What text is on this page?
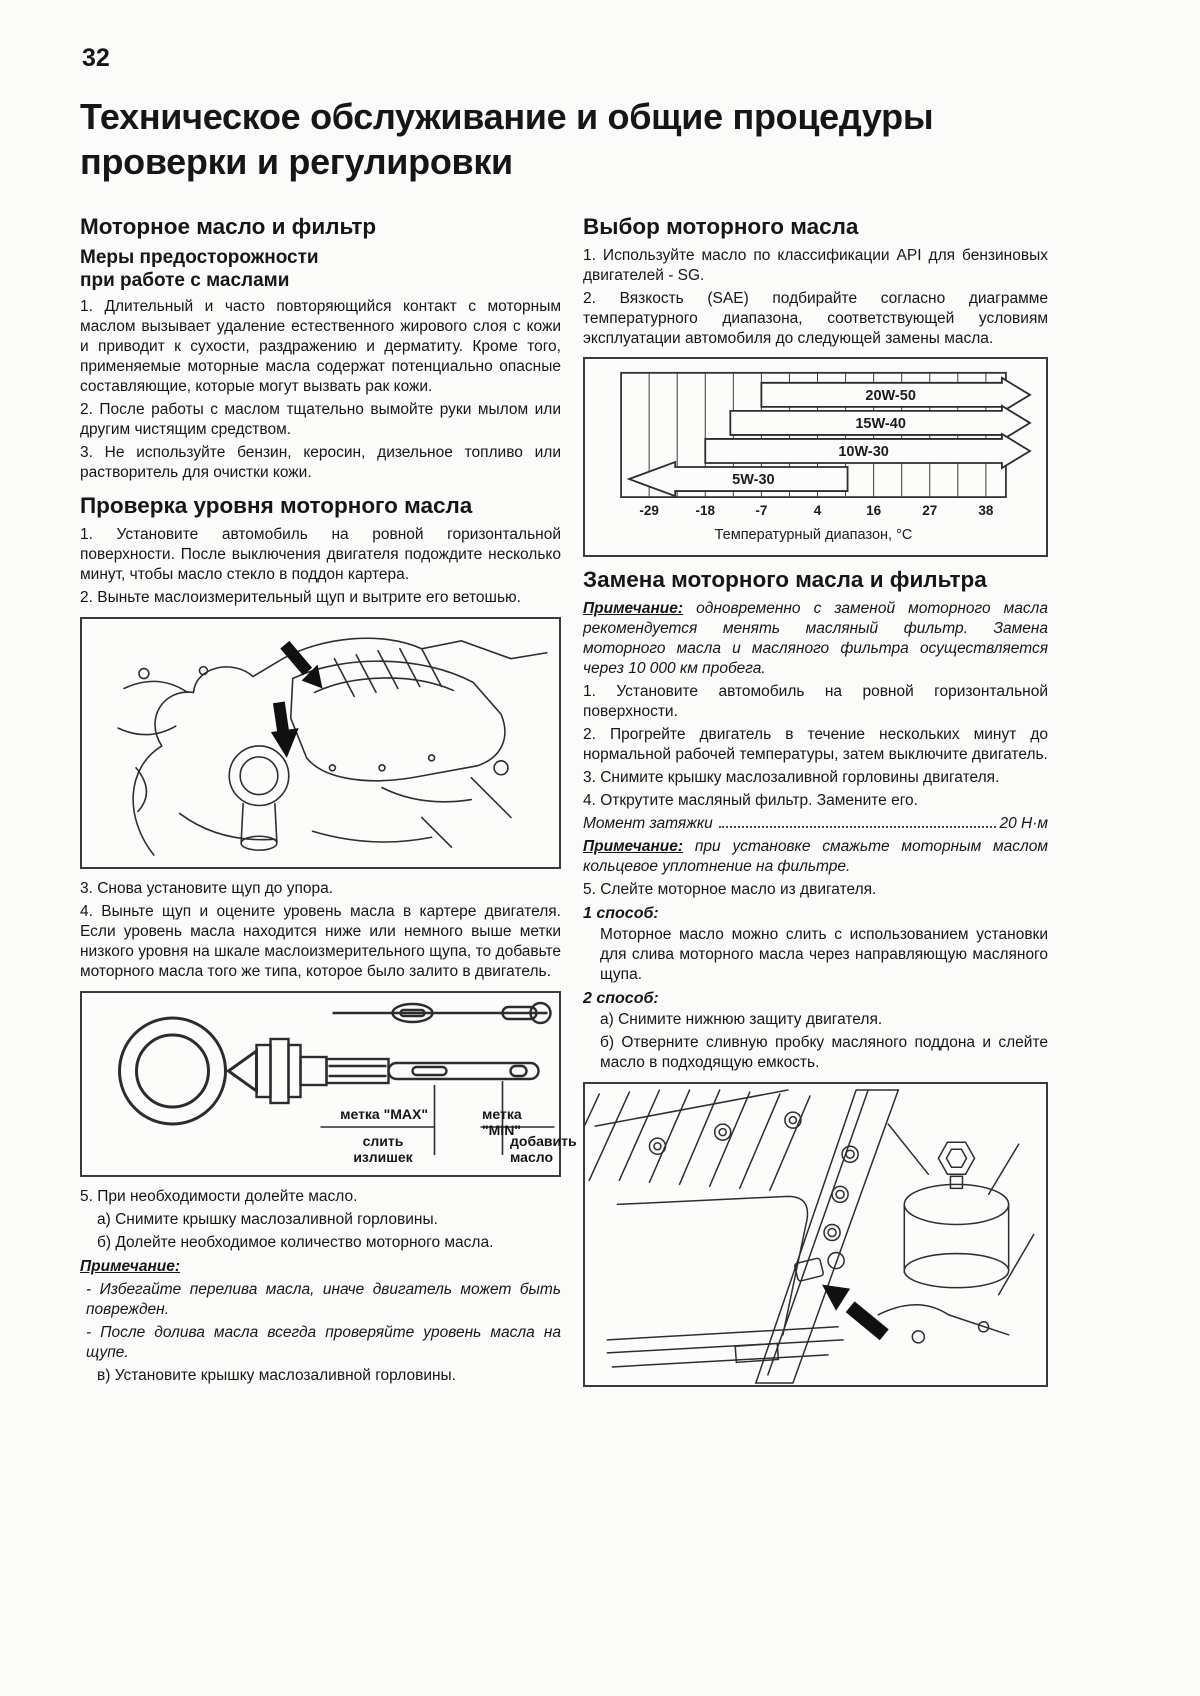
32
Техническое обслуживание и общие процедуры проверки и регулировки
Моторное масло и фильтр
Меры предосторожности
при работе с маслами
1. Длительный и часто повторяющийся контакт с моторным маслом вызывает удаление естественного жирового слоя с кожи и приводит к сухости, раздражению и дерматиту. Кроме того, применяемые моторные масла содержат потенциально опасные составляющие, которые могут вызвать рак кожи.
2. После работы с маслом тщательно вымойте руки мылом или другим чистящим средством.
3. Не используйте бензин, керосин, дизельное топливо или растворитель для очистки кожи.
Проверка уровня моторного масла
1. Установите автомобиль на ровной горизонтальной поверхности. После выключения двигателя подождите несколько минут, чтобы масло стекло в поддон картера.
2. Выньте маслоизмерительный щуп и вытрите его ветошью.
3. Снова установите щуп до упора.
4. Выньте щуп и оцените уровень масла в картере двигателя. Если уровень масла находится ниже или немного выше метки низкого уровня на шкале маслоизмерительного щупа, то добавьте моторного масла того же типа, которое было залито в двигатель.
метка "MAX"	метка "MIN"
слить излишек
добавить масло
5. При необходимости долейте масло.
а) Снимите крышку маслозаливной горловины.
б) Долейте необходимое количество моторного масла.
Примечание:
- Избегайте перелива масла, иначе двигатель может быть поврежден.
- После долива масла всегда проверяйте уровень масла на щупе.
в) Установите крышку маслозаливной горловины.
Выбор моторного масла
1. Используйте масло по классификации API для бензиновых двигателей - SG.
2. Вязкость (SAE) подбирайте согласно диаграмме температурного диапазона, соответствующей условиям эксплуатации автомобиля до следующей замены масла.
20W-50
15W-40
10W-30
5W-30
-29	-18	-7	4	16	27	38
Температурный диапазон, °С
Замена моторного масла и фильтра
Примечание: одновременно с заменой моторного масла рекомендуется менять масляный фильтр. Замена моторного масла и масляного фильтра осуществляется через 10 000 км пробега.
1. Установите автомобиль на ровной горизонтальной поверхности.
2. Прогрейте двигатель в течение нескольких минут до нормальной рабочей температуры, затем выключите двигатель.
3. Снимите крышку маслозаливной горловины двигателя.
4. Открутите масляный фильтр. Замените его.
Момент затяжки	20 Н·м
Примечание: при установке смажьте моторным маслом кольцевое уплотнение на фильтре.
5. Слейте моторное масло из двигателя.
1 способ:
Моторное масло можно слить с использованием установки для слива моторного масла через направляющую масляного щупа.
2 способ:
а) Снимите нижнюю защиту двигателя.
б) Отверните сливную пробку масляного поддона и слейте масло в подходящую емкость.
